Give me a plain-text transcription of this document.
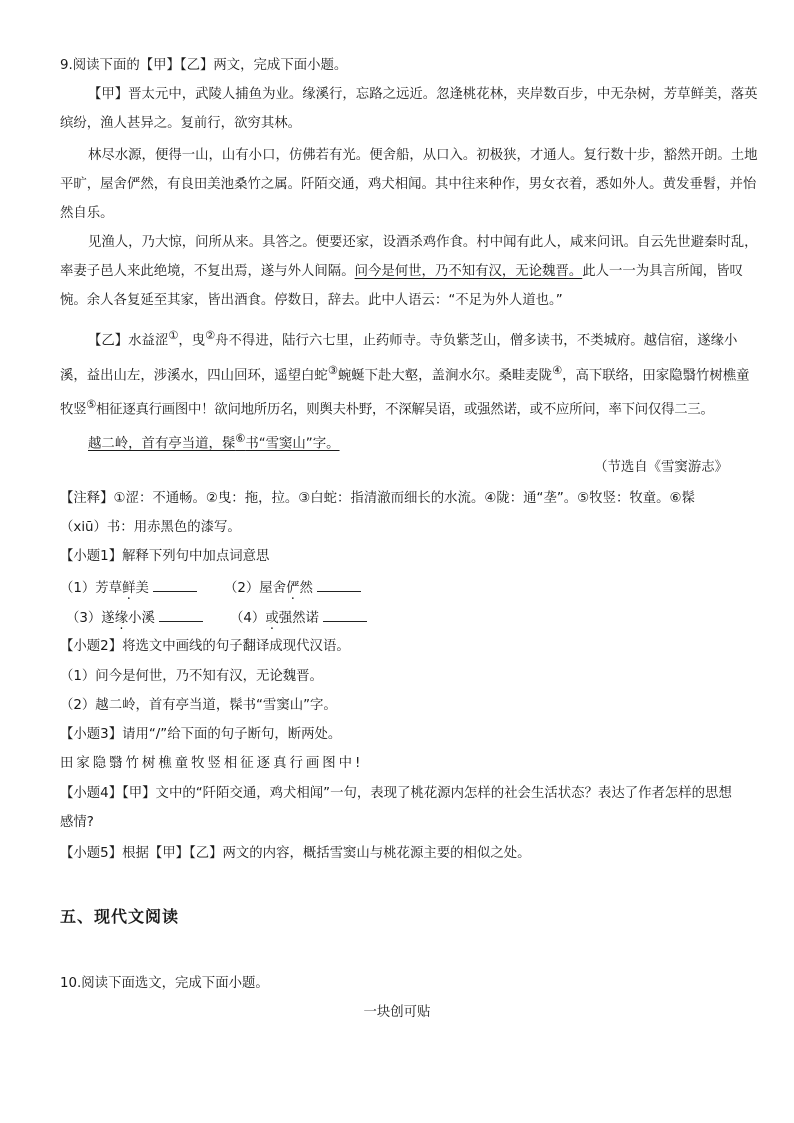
9.阅读下面的【甲】【乙】两文，完成下面小题。
【甲】晋太元中，武陵人捕鱼为业。缘溪行，忘路之远近。忽逢桃花林，夹岸数百步，中无杂树，芳草鲜美，落英
缤纷，渔人甚异之。复前行，欲穷其林。
林尽水源，便得一山，山有小口，仿佛若有光。便舍船，从口入。初极狭，才通人。复行数十步，豁然开朗。土地
平旷，屋舍俨然，有良田美池桑竹之属。阡陌交通，鸡犬相闻。其中往来种作，男女衣着，悉如外人。黄发垂髫，并怡
然自乐。
见渔人，乃大惊，问所从来。具答之。便要还家，设酒杀鸡作食。村中闻有此人，咸来问讯。自云先世避秦时乱，
率妻子邑人来此绝境，不复出焉，遂与外人间隔。问今是何世，乃不知有汉，无论魏晋。此人一一为具言所闻，皆叹
惋。余人各复延至其家，皆出酒食。停数日，辞去。此中人语云：“不足为外人道也。”
【乙】水益涩①，曳②舟不得进，陆行六七里，止药师寺。寺负紫芝山，僧多读书，不类城府。越信宿，遂缘小
溪，益出山左，涉溪水，四山回环，遥望白蛇③蜿蜒下赴大壑，盖涧水尔。桑畦麦陇④，高下联络，田家隐翳竹树樵童
牧竖⑤相征逐真行画图中！欲问地所历名，则舆夫朴野，不深解吴语，或强然诺，或不应所问，率下问仅得二三。
越二岭，首有亭当道，髹⑥书“雪窦山”字。
（节选自《雪窦游志》
【注释】①涩：不通畅。②曳：拖，拉。③白蛇：指清澈而细长的水流。④陇：通“垄”。⑤牧竖：牧童。⑥髹
（xiū）书：用赤黑色的漆写。
【小题1】解释下列句中加点词意思
（1）芳草鲜美	（2）屋舍俨然
（3）遂缘小溪	（4）或强然诺
【小题2】将选文中画线的句子翻译成现代汉语。
（1）问今是何世，乃不知有汉，无论魏晋。
（2）越二岭，首有亭当道，髹书“雪窦山”字。
【小题3】请用“/”给下面的句子断句，断两处。
田家隐翳竹树樵童牧竖相征逐真行画图中!
【小题4】【甲】文中的“阡陌交通，鸡犬相闻”一句，表现了桃花源内怎样的社会生活状态？表达了作者怎样的思想
感情?
【小题5】根据【甲】【乙】两文的内容，概括雪窦山与桃花源主要的相似之处。
五、现代文阅读
10.阅读下面选文，完成下面小题。
一块创可贴
